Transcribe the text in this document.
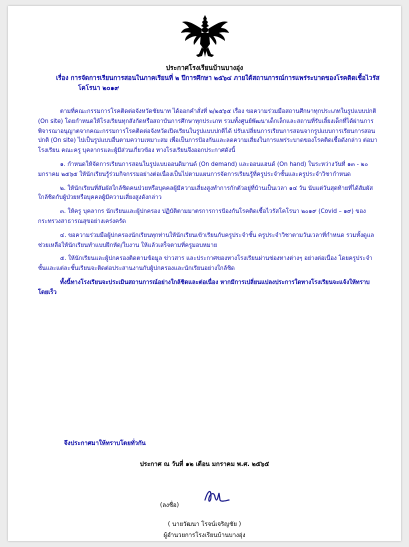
ประกาศโรงเรียนบ้านบางอุ่ง
เรื่อง การจัดการเรียนการสอนในภาคเรียนที่ ๒ ปีการศึกษา ๒๕๖๔ ภายใต้สถานการณ์การแพร่ระบาดของโรคติดเชื้อไวรัส
โคโรนา ๒๐๑๙

ตามที่คณะกรรมการโรคติดต่อจังหวัดชัยนาท ได้ออกคำสั่งที่ ๒/๒๕๖๕ เรื่อง ขอความร่วมมือสถานศึกษาทุกประเภทในรูปแบบปกติ (On site) โดยกำหนดให้โรงเรียนทุกสังกัดหรือสถาบันการศึกษาทุกประเภท รวมทั้งศูนย์พัฒนาเด็กเล็กและสถานที่รับเลี้ยงเด็กที่ได้ผ่านการพิจารณาอนุญาตจากคณะกรรมการโรคติดต่อจังหวัดเปิดเรียนในรูปแบบปกติได้ ปรับเปลี่ยนการเรียนการสอนจากรูปแบบการเรียนการสอนปกติ (On site) ไปเป็นรูปแบบอื่นตามความเหมาะสม เพื่อเป็นการป้องกันและลดความเสี่ยงในการแพร่ระบาดของโรคติดเชื้อดังกล่าว ต่อมาโรงเรียน คณะครู บุคลากรและผู้มีส่วนเกี่ยวข้อง ทางโรงเรียนจึงออกประกาศดังนี้

๑. กำหนดให้จัดการเรียนการสอนในรูปแบบออนดิมานด์ (On demand) และออนแฮนด์ (On hand) ในระหว่างวันที่ ๑๓ - ๒๐ มกราคม ๒๕๖๕ ให้นักเรียนรู้ร่วมกิจกรรมอย่างต่อเนื่องเป็นไปตามแผนการจัดการเรียนรู้ที่ครูประจำชั้นและครูประจำวิชากำหนด

๒. ให้นักเรียนที่สัมผัสใกล้ชิดคนป่วยหรือบุคคลผู้มีความเสี่ยงสูงทำการกักตัวอยู่ที่บ้านเป็นเวลา ๑๔ วัน นับแต่วันสุดท้ายที่ได้สัมผัสใกล้ชิดกับผู้ป่วยหรือบุคคลผู้มีความเสี่ยงสูงดังกล่าว

๓. ให้ครู บุคลากร นักเรียนและผู้ปกครอง ปฏิบัติตามมาตรการการป้องกันโรคติดเชื้อไวรัสโคโรนา ๒๐๑๙ (Covid – ๑๙) ของกระทรวงสาธารณสุขอย่างเคร่งครัด

๔. ขอความร่วมมือผู้ปกครองนักเรียนทุกท่านให้นักเรียนเข้าเรียนกับครูประจำชั้น ครูประจำวิชาตามวันเวลาที่กำหนด รวมทั้งดูแลช่วยเหลือให้นักเรียนทำแบบฝึกหัด/ใบงาน ให้แล้วเสร็จตามที่ครูมอบหมาย

๕. ให้นักเรียนและผู้ปกครองติดตามข้อมูล ข่าวสาร และประกาศของทางโรงเรียนผ่านช่องทางต่างๆ อย่างต่อเนื่อง โดยครูประจำชั้นและแต่ละชั้นเรียนจะติดต่อประสานงานกับผู้ปกครองและนักเรียนอย่างใกล้ชิด

ทั้งนี้ทางโรงเรียนจะประเมินสถานการณ์อย่างใกล้ชิดและต่อเนื่อง หากมีการเปลี่ยนแปลงประการใดทางโรงเรียนจะแจ้งให้ทราบโดยเร็ว

จึงประกาศมาให้ทราบโดยทั่วกัน
ประกาศ ณ วันที่ ๑๒ เดือน มกราคม พ.ศ. ๒๕๖๕
(ลงชื่อ)
( นายวัฒนา โรจน์เจริญชัย )
ผู้อำนวยการโรงเรียนบ้านบางอุ่ง
